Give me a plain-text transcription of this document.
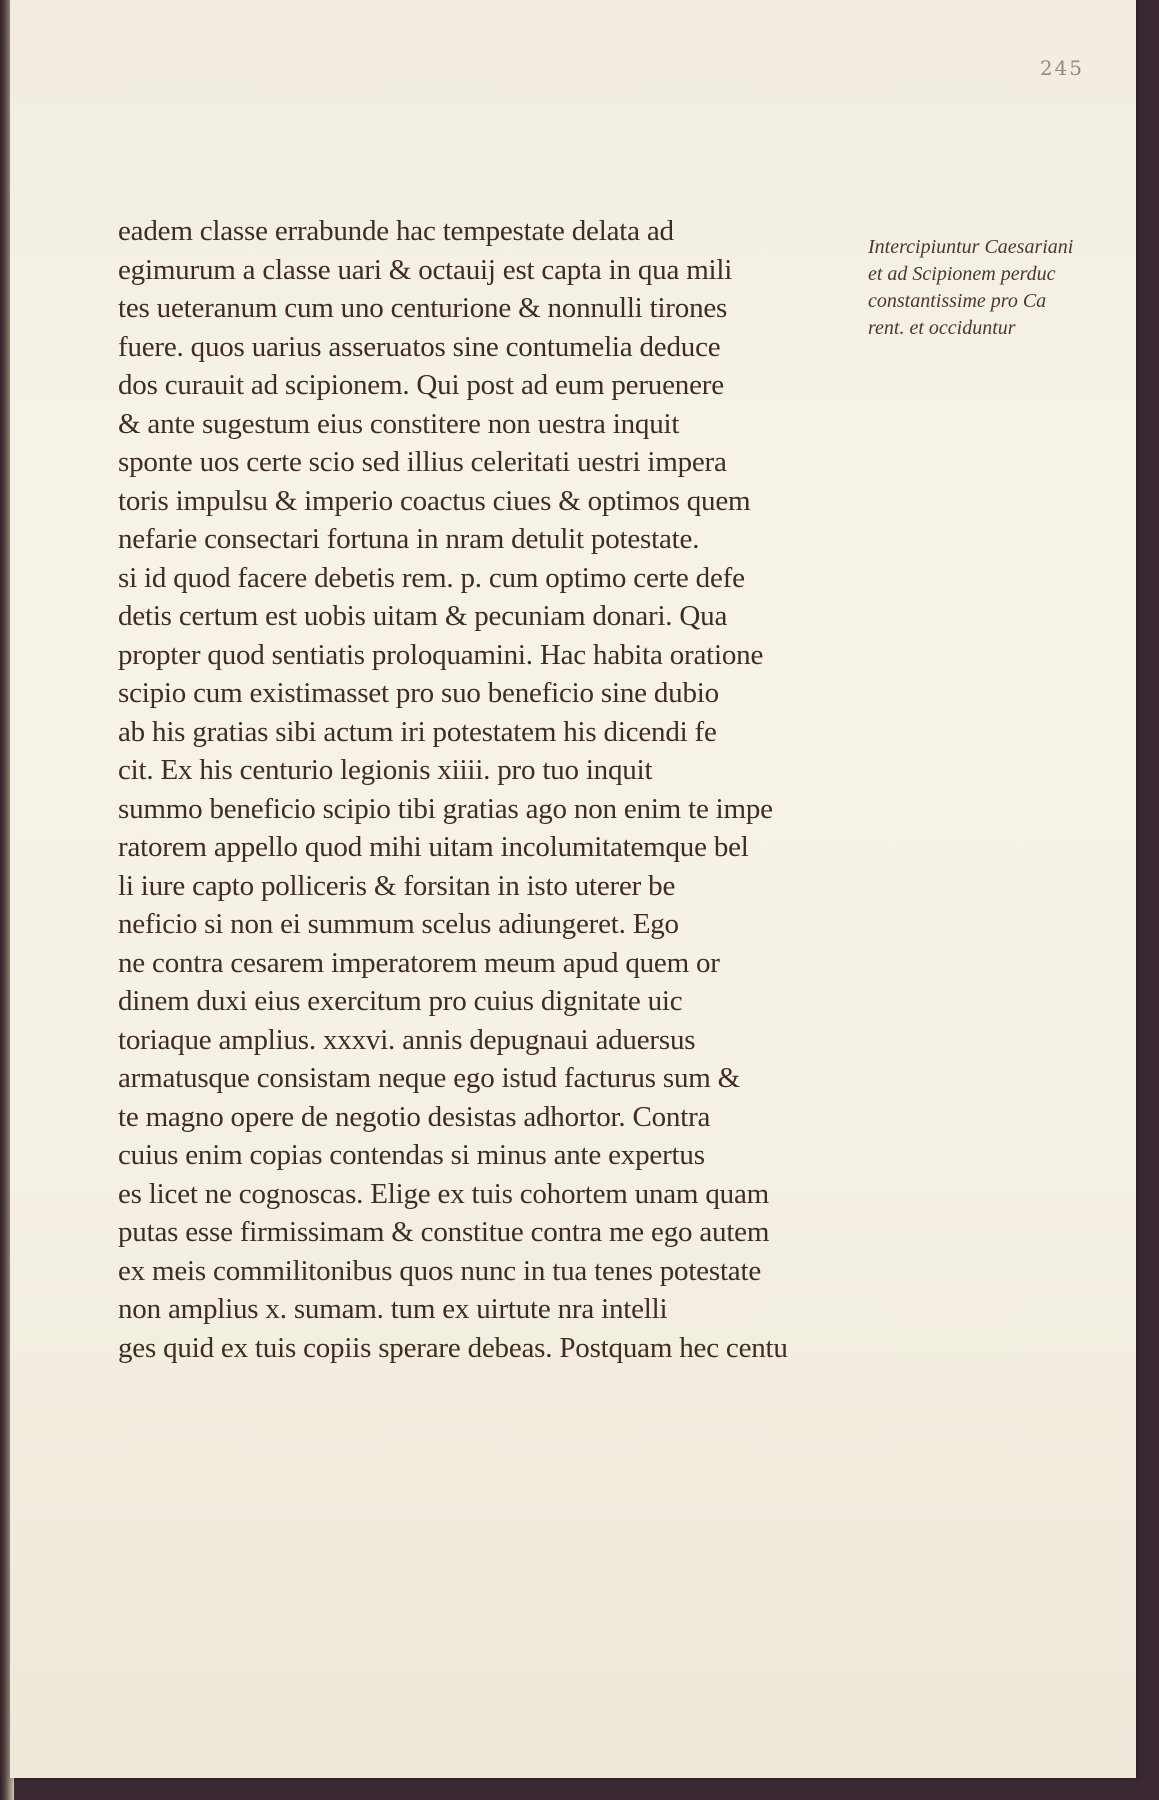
245
eadem classe errabunde hac tempestate delata ad
egimurum a classe uari & octauij est capta in qua mili
tes ueteranum cum uno centurione & nonnulli tirones
fuere. quos uarius asseruatos sine contumelia deduce
dos curauit ad scipionem. Qui post ad eum peruenere
& ante sugestum eius constitere non uestra inquit
sponte uos certe scio sed illius celeritati uestri impera
toris impulsu & imperio coactus ciues & optimos quem
nefarie consectari fortuna in nram detulit potestate.
si id quod facere debetis rem. p. cum optimo certe defe
detis certum est uobis uitam & pecuniam donari. Qua
propter quod sentiatis proloquamini. Hac habita oratione
scipio cum existimasset pro suo beneficio sine dubio
ab his gratias sibi actum iri potestatem his dicendi fe
cit. Ex his centurio legionis xiiii. pro tuo inquit
summo beneficio scipio tibi gratias ago non enim te impe
ratorem appello quod mihi uitam incolumitatemque bel
li iure capto polliceris & forsitan in isto uterer be
neficio si non ei summum scelus adiungeret. Ego
ne contra cesarem imperatorem meum apud quem or
dinem duxi eius exercitum pro cuius dignitate uic
toriaque amplius. xxxvi. annis depugnaui aduersus
armatusque consistam neque ego istud facturus sum &
te magno opere de negotio desistas adhortor. Contra
cuius enim copias contendas si minus ante expertus
es licet ne cognoscas. Elige ex tuis cohortem unam quam
putas esse firmissimam & constitue contra me ego autem
ex meis commilitonibus quos nunc in tua tenes potestate
non amplius x. sumam. tum ex uirtute nra intelli
ges quid ex tuis copiis sperare debeas. Postquam hec centu
Intercipiuntur Caesariani
et ad Scipionem perduc
constantissime pro Ca
rent. et occiduntur
